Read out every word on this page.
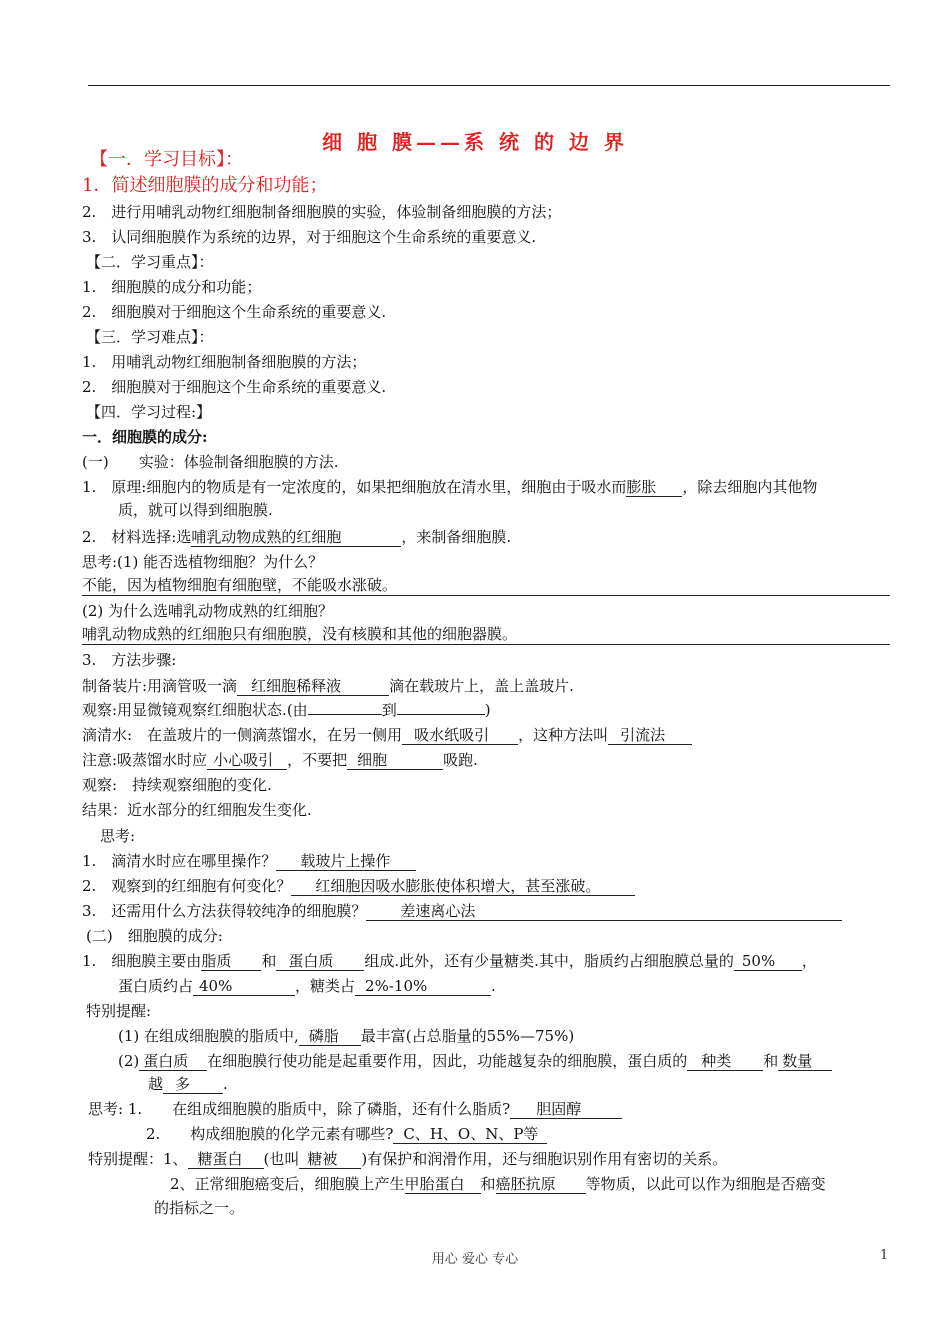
细 胞 膜——系 统 的 边 界
【一．学习目标】：
1．简述细胞膜的成分和功能；
2.　进行用哺乳动物红细胞制备细胞膜的实验，体验制备细胞膜的方法；
3.　认同细胞膜作为系统的边界，对于细胞这个生命系统的重要意义.
【二．学习重点】：
1.　细胞膜的成分和功能；
2.　细胞膜对于细胞这个生命系统的重要意义.
【三．学习难点】：
1.　用哺乳动物红细胞制备细胞膜的方法；
2.　细胞膜对于细胞这个生命系统的重要意义.
【四．学习过程:】
一．细胞膜的成分:
(一)　　实验：体验制备细胞膜的方法.
1.　原理:细胞内的物质是有一定浓度的，如果把细胞放在清水里，细胞由于吸水而膨胀 ，除去细胞内其他物
质，就可以得到细胞膜.
2.　材料选择:选哺乳动物成熟的红细胞	，来制备细胞膜.
思考:(1) 能否选植物细胞？为什么？
不能，因为植物细胞有细胞壁，不能吸水涨破。
(2) 为什么选哺乳动物成熟的红细胞？
哺乳动物成熟的红细胞只有细胞膜，没有核膜和其他的细胞器膜。
3.　方法步骤:
制备装片:用滴管吸一滴 红细胞稀释液	滴在载玻片上，盖上盖玻片.
观察:用显微镜观察红细胞状态.(由	到	)
滴清水:　在盖玻片的一侧滴蒸馏水，在另一侧用 吸水纸吸引 ，这种方法叫 引流法
注意:吸蒸馏水时应 小心吸引 ，不要把 细胞	吸跑.
观察:　持续观察细胞的变化.
结果：近水部分的红细胞发生变化.
思考:
1.　滴清水时应在哪里操作？ 载玻片上操作
2.　观察到的红细胞有何变化？ 红细胞因吸水膨胀使体积增大，甚至涨破。
3.　还需用什么方法获得较纯净的细胞膜？ 差速离心法
(二)　细胞膜的成分:
1.　细胞膜主要由脂质 和 蛋白质 组成.此外，还有少量糖类.其中，脂质约占细胞膜总量的 50% ，
蛋白质约占 40%	，糖类占 2%-10%	.
特别提醒:
(1) 在组成细胞膜的脂质中, 磷脂 最丰富(占总脂量的55%—75%)
(2) 蛋白质 在细胞膜行使功能是起重要作用，因此，功能越复杂的细胞膜，蛋白质的 种类 和 数量
越 多 .
思考: 1.　　在组成细胞膜的脂质中，除了磷脂，还有什么脂质? 胆固醇
2.　　构成细胞膜的化学元素有哪些? C、H、O、N、P等
特别提醒：1、 糖蛋白 (也叫 糖被 )有保护和润滑作用，还与细胞识别作用有密切的关系。
2、正常细胞癌变后，细胞膜上产生甲胎蛋白 和癌胚抗原 等物质，以此可以作为细胞是否癌变
的指标之一。
用心 爱心 专心	1
